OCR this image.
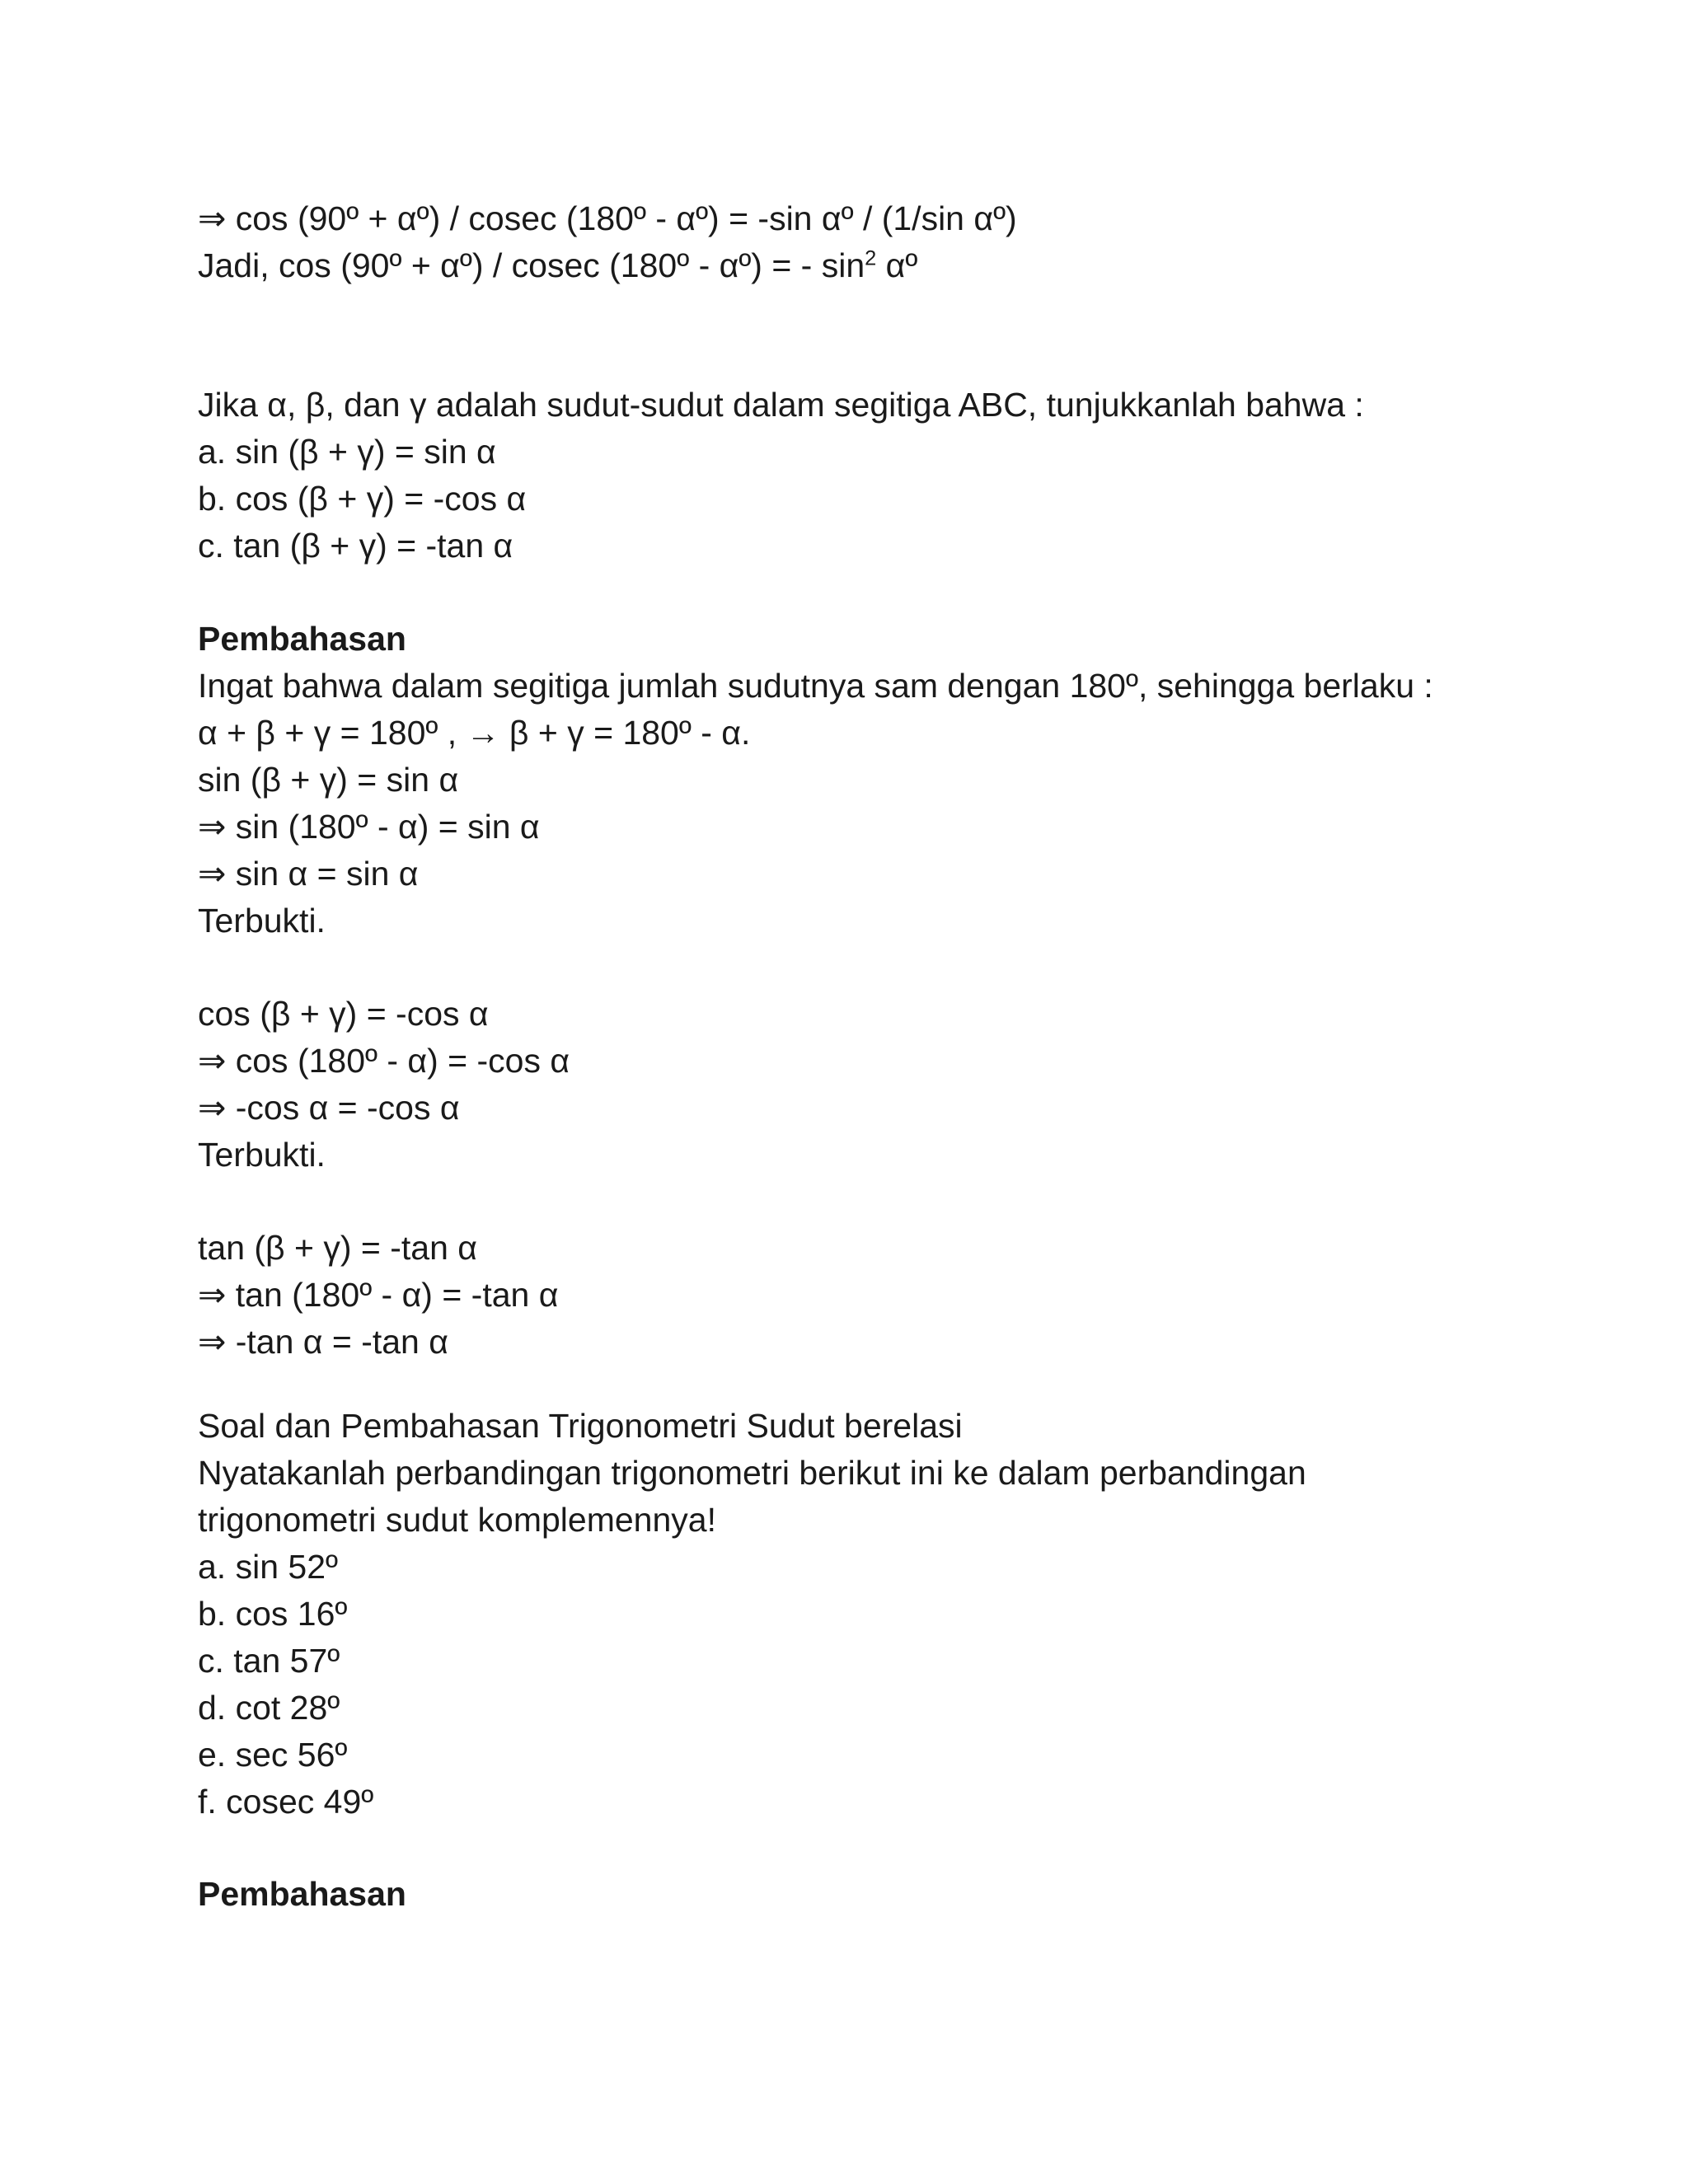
⇒ cos (90º + αº) / cosec (180º - αº) = -sin αº / (1/sin αº)
Jadi, cos (90º + αº) / cosec (180º - αº) = - $\sin^2$ αº
Jika α, β, dan γ adalah sudut-sudut dalam segitiga ABC, tunjukkanlah bahwa :
a. sin (β + γ) = sin α
b. cos (β + γ) = -cos α
c. tan (β + γ) = -tan α
Pembahasan
Ingat bahwa dalam segitiga jumlah sudutnya sam dengan 180º, sehingga berlaku :
α + β + γ = 180º , → β + γ = 180º - α.
sin (β + γ) = sin α
⇒ sin (180º - α) = sin α
⇒ sin α = sin α
Terbukti.
cos (β + γ) = -cos α
⇒ cos (180º - α) = -cos α
⇒ -cos α = -cos α
Terbukti.
tan (β + γ) = -tan α
⇒ tan (180º - α) = -tan α
⇒ -tan α = -tan α
Soal dan Pembahasan Trigonometri Sudut berelasi
Nyatakanlah perbandingan trigonometri berikut ini ke dalam perbandingan
trigonometri sudut komplemennya!
a. sin 52º
b. cos 16º
c. tan 57º
d. cot 28º
e. sec 56º
f. cosec 49º
Pembahasan
